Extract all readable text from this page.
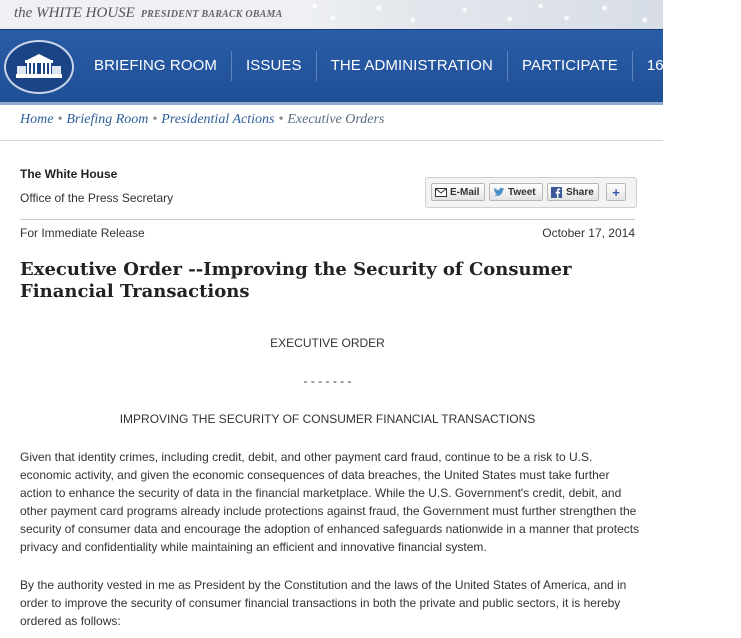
✶
✶
✶
✶
✶
✶
✶
✶
✶
✶
the WHITE HOUSE PRESIDENT BARACK OBAMA
BRIEFING ROOM	ISSUES	THE ADMINISTRATION	PARTICIPATE	1600 PENN
Home • Briefing Room • Presidential Actions • Executive Orders
The White House
Office of the Press Secretary	E-Mail	Tweet	Share	+
For Immediate Release	October 17, 2014
Executive Order --Improving the Security of Consumer Financial Transactions
EXECUTIVE ORDER
- - - - - - -
IMPROVING THE SECURITY OF CONSUMER FINANCIAL TRANSACTIONS

Given that identity crimes, including credit, debit, and other payment card fraud, continue to be a risk to U.S. economic activity, and given the economic consequences of data breaches, the United States must take further action to enhance the security of data in the financial marketplace. While the U.S. Government's credit, debit, and other payment card programs already include protections against fraud, the Government must further strengthen the security of consumer data and encourage the adoption of enhanced safeguards nationwide in a manner that protects privacy and confidentiality while maintaining an efficient and innovative financial system.

By the authority vested in me as President by the Constitution and the laws of the United States of America, and in order to improve the security of consumer financial transactions in both the private and public sectors, it is hereby ordered as follows:
